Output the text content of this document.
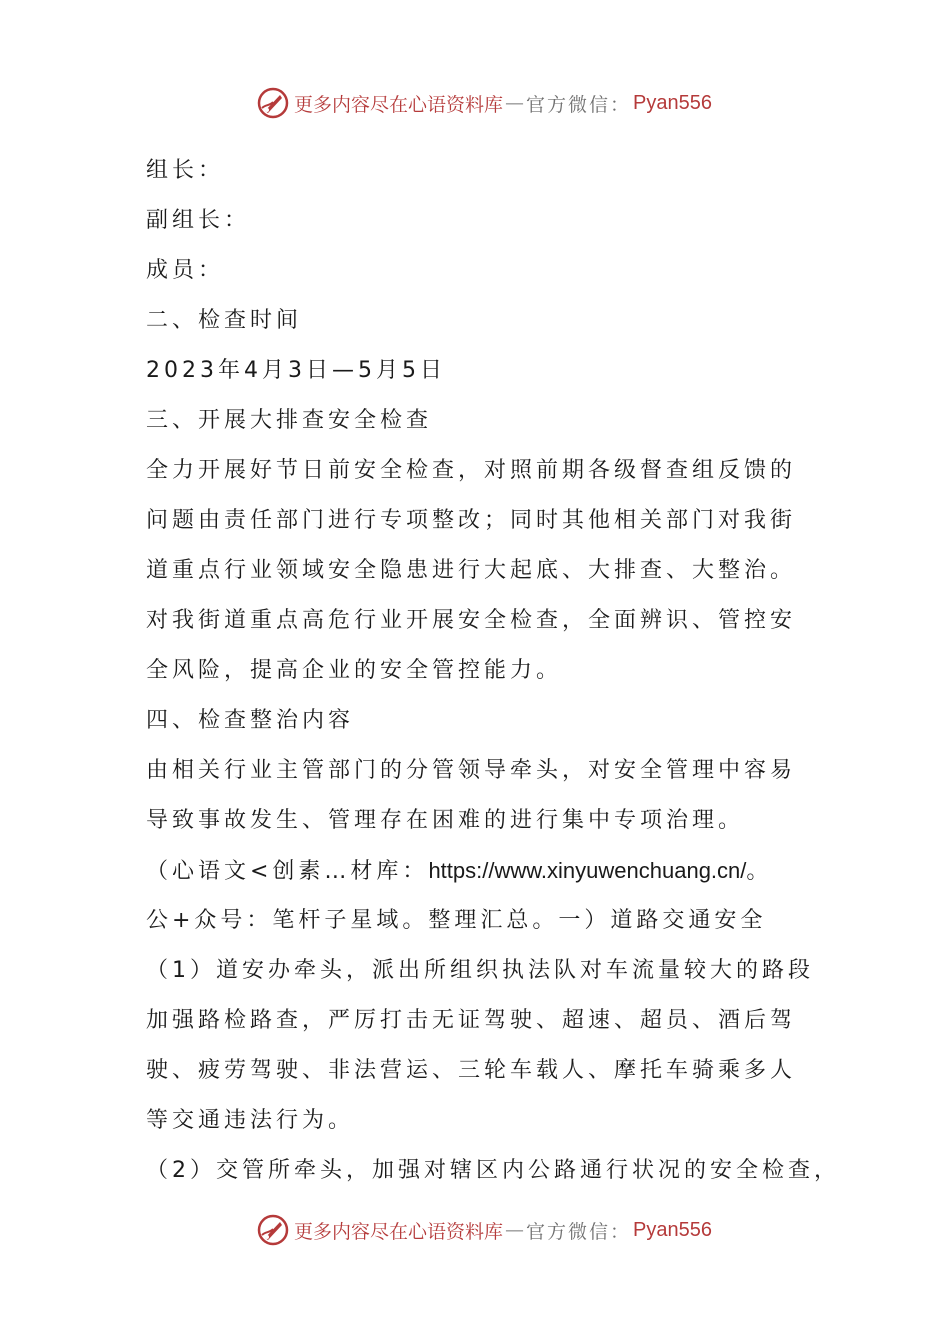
更多内容尽在心语资料库 — 官方微信： Pyan556
组长：
副组长：
成员：
二、检查时间
2023年4月3日—5月5日
三、开展大排查安全检查
全力开展好节日前安全检查，对照前期各级督查组反馈的
问题由责任部门进行专项整改；同时其他相关部门对我街
道重点行业领域安全隐患进行大起底、大排查、大整治。
对我街道重点高危行业开展安全检查，全面辨识、管控安
全风险，提高企业的安全管控能力。
四、检查整治内容
由相关行业主管部门的分管领导牵头，对安全管理中容易
导致事故发生、管理存在困难的进行集中专项治理。
（心语文<创素…材库：https://www.xinyuwenchuang.cn/。
公+众号：笔杆子星域。整理汇总。一）道路交通安全
（1）道安办牵头，派出所组织执法队对车流量较大的路段
加强路检路查，严厉打击无证驾驶、超速、超员、酒后驾
驶、疲劳驾驶、非法营运、三轮车载人、摩托车骑乘多人
等交通违法行为。
（2）交管所牵头，加强对辖区内公路通行状况的安全检查，
更多内容尽在心语资料库 — 官方微信： Pyan556
